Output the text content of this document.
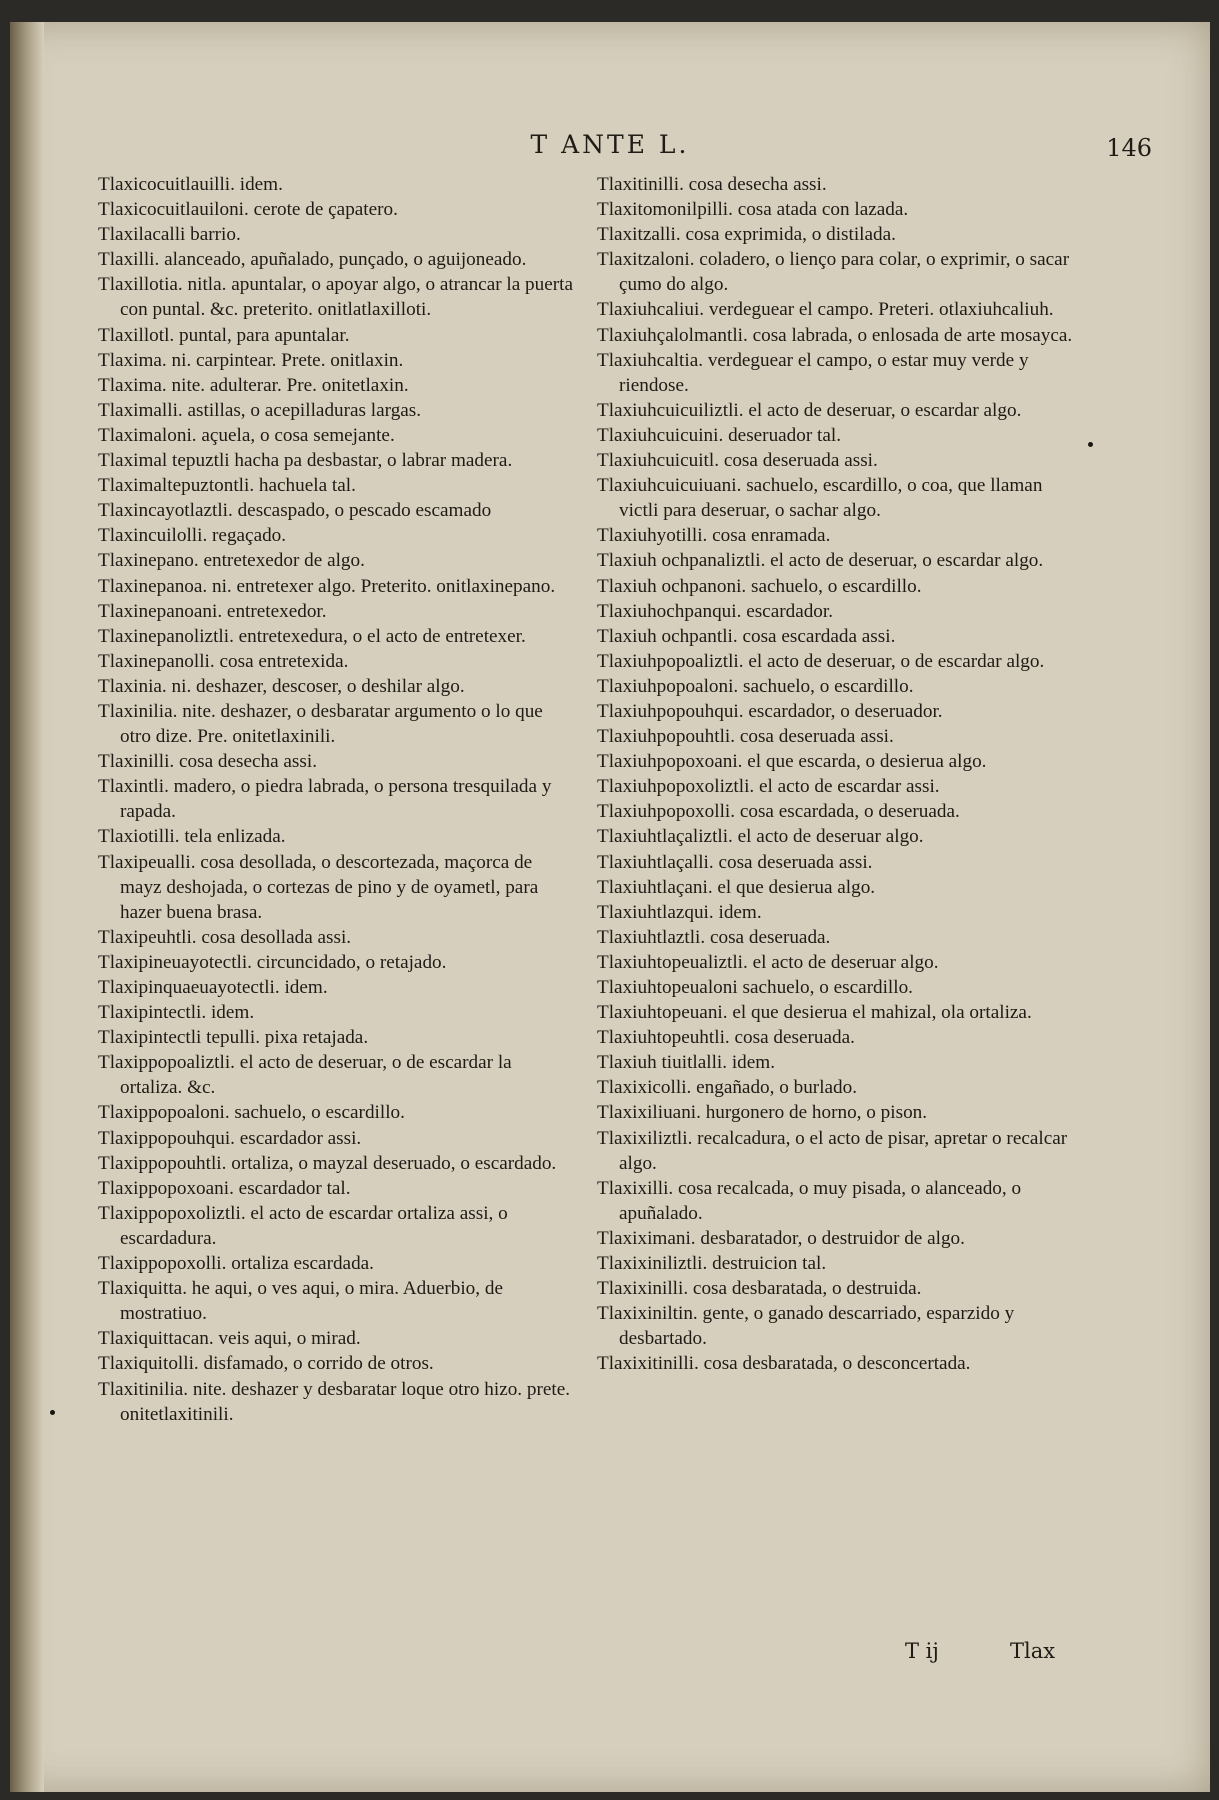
T ANTE L.	146
Tlaxicocuitlauilli. idem.
Tlaxicocuitlauiloni. cerote de çapatero.
Tlaxilacalli barrio.
Tlaxilli. alanceado, apuñalado, punçado, o aguijoneado.
Tlaxillotia. nitla. apuntalar, o apoyar algo, o atrancar la puerta con puntal. &c. preterito. onitlatlaxilloti.
Tlaxillotl. puntal, para apuntalar.
Tlaxima. ni. carpintear. Prete. onitlaxin.
Tlaxima. nite. adulterar. Pre. onitetlaxin.
Tlaximalli. astillas, o acepilladuras largas.
Tlaximaloni. açuela, o cosa semejante.
Tlaximal tepuztli hacha pa desbastar, o labrar madera.
Tlaximaltepuztontli. hachuela tal.
Tlaxincayotlaztli. descaspado, o pescado escamado
Tlaxincuilolli. regaçado.
Tlaxinepano. entretexedor de algo.
Tlaxinepanoa. ni. entretexer algo. Preterito. onitlaxinepano.
Tlaxinepanoani. entretexedor.
Tlaxinepanoliztli. entretexedura, o el acto de entretexer.
Tlaxinepanolli. cosa entretexida.
Tlaxinia. ni. deshazer, descoser, o deshilar algo.
Tlaxinilia. nite. deshazer, o desbaratar argumento o lo que otro dize. Pre. onitetlaxinili.
Tlaxinilli. cosa desecha assi.
Tlaxintli. madero, o piedra labrada, o persona tresquilada y rapada.
Tlaxiotilli. tela enlizada.
Tlaxipeualli. cosa desollada, o descortezada, maçorca de mayz deshojada, o cortezas de pino y de oyametl, para hazer buena brasa.
Tlaxipeuhtli. cosa desollada assi.
Tlaxipineuayotectli. circuncidado, o retajado.
Tlaxipinquaeuayotectli. idem.
Tlaxipintectli. idem.
Tlaxipintectli tepulli. pixa retajada.
Tlaxippopoaliztli. el acto de deseruar, o de escardar la ortaliza. &c.
Tlaxippopoaloni. sachuelo, o escardillo.
Tlaxippopouhqui. escardador assi.
Tlaxippopouhtli. ortaliza, o mayzal deseruado, o escardado.
Tlaxippopoxoani. escardador tal.
Tlaxippopoxoliztli. el acto de escardar ortaliza assi, o escardadura.
Tlaxippopoxolli. ortaliza escardada.
Tlaxiquitta. he aqui, o ves aqui, o mira. Aduerbio, de mostratiuo.
Tlaxiquittacan. veis aqui, o mirad.
Tlaxiquitolli. disfamado, o corrido de otros.
Tlaxitinilia. nite. deshazer y desbaratar loque otro hizo. prete. onitetlaxitinili.
Tlaxitinilli. cosa desecha assi.
Tlaxitomonilpilli. cosa atada con lazada.
Tlaxitzalli. cosa exprimida, o distilada.
Tlaxitzaloni. coladero, o lienço para colar, o exprimir, o sacar çumo do algo.
Tlaxiuhcaliui. verdeguear el campo. Preteri. otlaxiuhcaliuh.
Tlaxiuhçalolmantli. cosa labrada, o enlosada de arte mosayca.
Tlaxiuhcaltia. verdeguear el campo, o estar muy verde y riendose.
Tlaxiuhcuicuiliztli. el acto de deseruar, o escardar algo.
Tlaxiuhcuicuini. deseruador tal.
Tlaxiuhcuicuitl. cosa deseruada assi.
Tlaxiuhcuicuiuani. sachuelo, escardillo, o coa, que llaman victli para deseruar, o sachar algo.
Tlaxiuhyotilli. cosa enramada.
Tlaxiuh ochpanaliztli. el acto de deseruar, o escardar algo.
Tlaxiuh ochpanoni. sachuelo, o escardillo.
Tlaxiuhochpanqui. escardador.
Tlaxiuh ochpantli. cosa escardada assi.
Tlaxiuhpopoaliztli. el acto de deseruar, o de escardar algo.
Tlaxiuhpopoaloni. sachuelo, o escardillo.
Tlaxiuhpopouhqui. escardador, o deseruador.
Tlaxiuhpopouhtli. cosa deseruada assi.
Tlaxiuhpopoxoani. el que escarda, o desierua algo.
Tlaxiuhpopoxoliztli. el acto de escardar assi.
Tlaxiuhpopoxolli. cosa escardada, o deseruada.
Tlaxiuhtlaçaliztli. el acto de deseruar algo.
Tlaxiuhtlaçalli. cosa deseruada assi.
Tlaxiuhtlaçani. el que desierua algo.
Tlaxiuhtlazqui. idem.
Tlaxiuhtlaztli. cosa deseruada.
Tlaxiuhtopeualiztli. el acto de deseruar algo.
Tlaxiuhtopeualoni sachuelo, o escardillo.
Tlaxiuhtopeuani. el que desierua el mahizal, ola ortaliza.
Tlaxiuhtopeuhtli. cosa deseruada.
Tlaxiuh tiuitlalli. idem.
Tlaxixicolli. engañado, o burlado.
Tlaxixiliuani. hurgonero de horno, o pison.
Tlaxixiliztli. recalcadura, o el acto de pisar, apretar o recalcar algo.
Tlaxixilli. cosa recalcada, o muy pisada, o alanceado, o apuñalado.
Tlaxiximani. desbaratador, o destruidor de algo.
Tlaxixiniliztli. destruicion tal.
Tlaxixinilli. cosa desbaratada, o destruida.
Tlaxixiniltin. gente, o ganado descarriado, esparzido y desbartado.
Tlaxixitinilli. cosa desbaratada, o desconcertada.
T ij	Tlax
